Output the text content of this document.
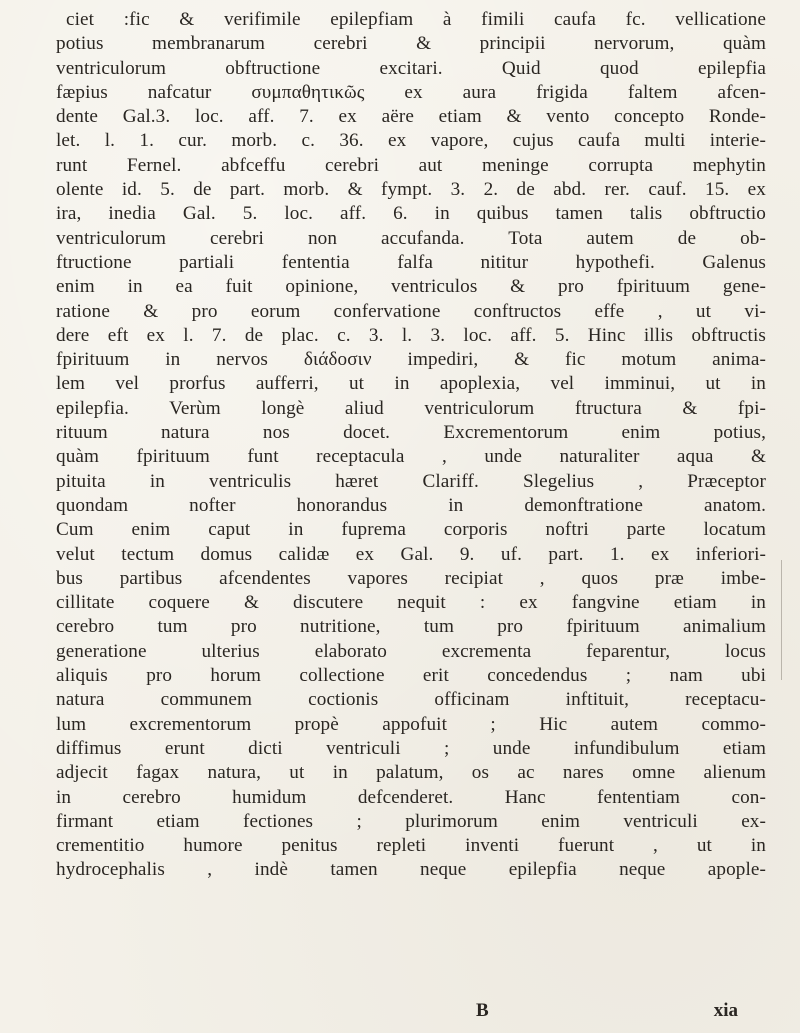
ciet :fic & verifimile epilepfiam à fimili caufa fc. vellicatione
potius membranarum cerebri & principii nervorum, quàm
ventriculorum obftructione excitari. Quid quod epilepfia
fæpius nafcatur συμπαθητικῶς ex aura frigida faltem afcen-
dente Gal.3. loc. aff. 7. ex aëre etiam & vento concepto Ronde-
let. l. 1. cur. morb. c. 36. ex vapore, cujus caufa multi interie-
runt Fernel. abfceffu cerebri aut meninge corrupta mephytin
olente id. 5. de part. morb. & fympt. 3. 2. de abd. rer. cauf. 15. ex
ira, inedia Gal. 5. loc. aff. 6. in quibus tamen talis obftructio
ventriculorum cerebri non accufanda. Tota autem de ob-
ftructione partiali fententia falfa nititur hypothefi. Galenus
enim in ea fuit opinione, ventriculos & pro fpirituum gene-
ratione & pro eorum confervatione conftructos effe , ut vi-
dere eft ex l. 7. de plac. c. 3. l. 3. loc. aff. 5. Hinc illis obftructis
fpirituum in nervos διάδοσιν impediri, & fic motum anima-
lem vel prorfus aufferri, ut in apoplexia, vel imminui, ut in
epilepfia. Verùm longè aliud ventriculorum ftructura & fpi-
rituum natura nos docet. Excrementorum enim potius,
quàm fpirituum funt receptacula , unde naturaliter aqua &
pituita in ventriculis hæret Clariff. Slegelius , Præceptor
quondam nofter honorandus in demonftratione anatom.
Cum enim caput in fuprema corporis noftri parte locatum
velut tectum domus calidæ ex Gal. 9. uf. part. 1. ex inferiori-
bus partibus afcendentes vapores recipiat , quos præ imbe-
cillitate coquere & discutere nequit : ex fangvine etiam in
cerebro tum pro nutritione, tum pro fpirituum animalium
generatione ulterius elaborato excrementa feparentur, locus
aliquis pro horum collectione erit concedendus ; nam ubi
natura communem coctionis officinam inftituit, receptacu-
lum excrementorum propè appofuit ; Hic autem commo-
diffimus erunt dicti ventriculi ; unde infundibulum etiam
adjecit fagax natura, ut in palatum, os ac nares omne alienum
in cerebro humidum defcenderet. Hanc fententiam con-
firmant etiam fectiones ; plurimorum enim ventriculi ex-
crementitio humore penitus repleti inventi fuerunt , ut in
hydrocephalis , indè tamen neque epilepfia neque apople-
B	xia
